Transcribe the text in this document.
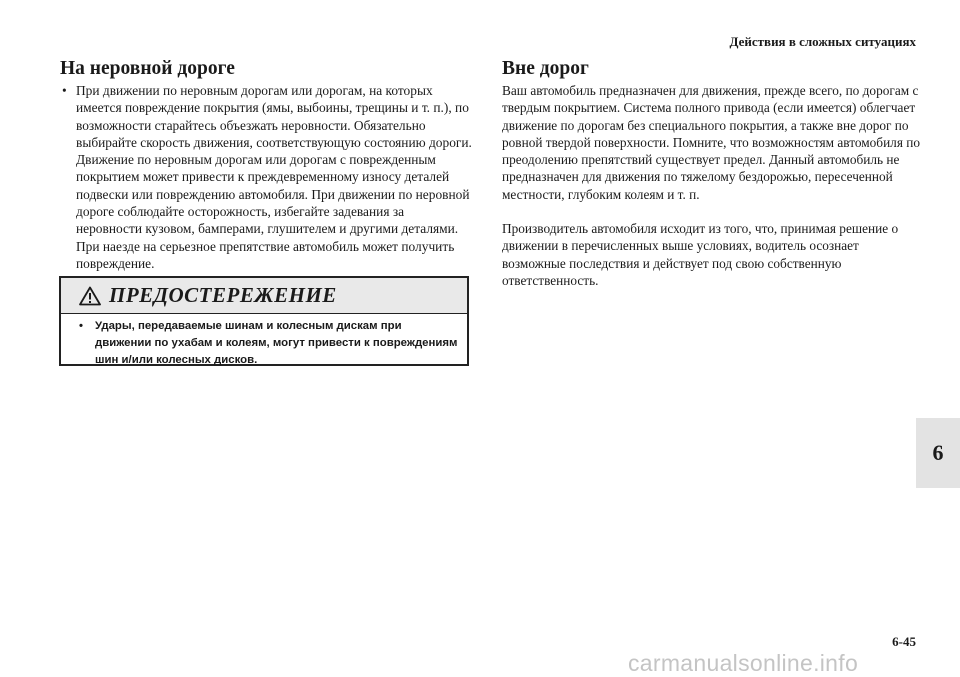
Действия в сложных ситуациях
На неровной дороге
• При движении по неровным дорогам или дорогам, на которых имеется повреждение покрытия (ямы, выбоины, трещины и т. п.), по возможности старайтесь объезжать неровности. Обязательно выбирайте скорость движения, соответствующую состоянию дороги. Движение по неровным дорогам или дорогам с поврежденным покрытием может привести к преждевременному износу деталей подвески или повреждению автомобиля. При движении по неровной дороге соблюдайте осторожность, избегайте задевания за неровности кузовом, бамперами, глушителем и другими деталями. При наезде на серьезное препятствие автомобиль может получить повреждение.
ПРЕДОСТЕРЕЖЕНИЕ
• Удары, передаваемые шинам и колесным дискам при движении по ухабам и колеям, могут привести к повреждениям шин и/или колесных дисков.
Вне дорог

Ваш автомобиль предназначен для движения, прежде всего, по дорогам с твердым покрытием. Система полного привода (если имеется) облегчает движение по дорогам без специального покрытия, а также вне дорог по ровной твердой поверхности. Помните, что возможностям автомобиля по преодолению препятствий существует предел. Данный автомобиль не предназначен для движения по тяжелому бездорожью, пересеченной местности, глубоким колеям и т. п.

Производитель автомобиля исходит из того, что, принимая решение о движении в перечисленных выше условиях, водитель осознает возможные последствия и действует под свою собственную ответственность.

6
6-45
carmanualsonline.info
